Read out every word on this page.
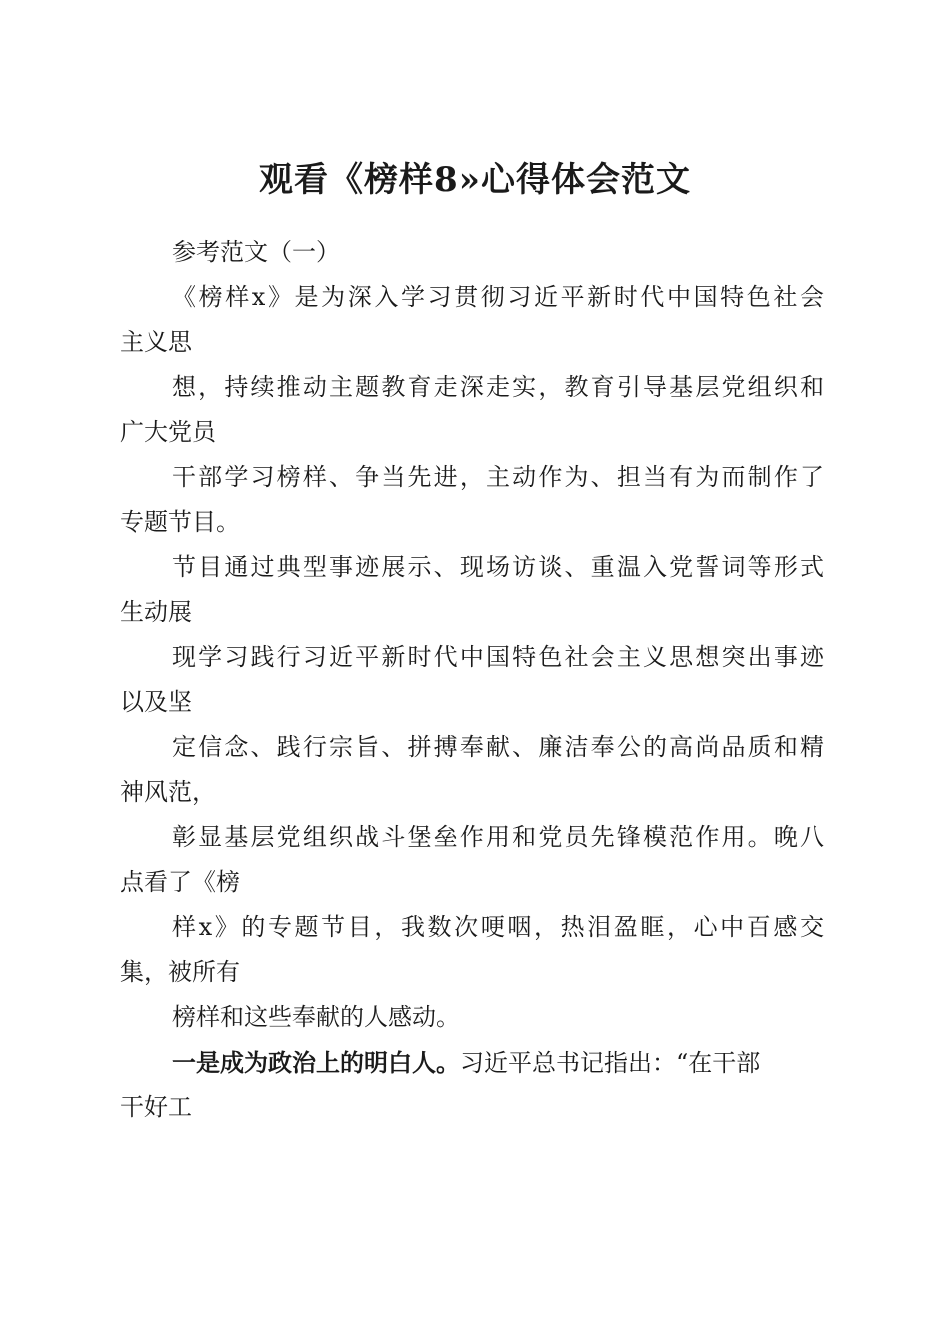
观看《榜样8»心得体会范文
参考范文（一）
《榜样x》是为深入学习贯彻习近平新时代中国特色社会
主义思
想，持续推动主题教育走深走实，教育引导基层党组织和
广大党员
干部学习榜样、争当先进，主动作为、担当有为而制作了
专题节目。
节目通过典型事迹展示、现场访谈、重温入党誓词等形式
生动展
现学习践行习近平新时代中国特色社会主义思想突出事迹
以及坚
定信念、践行宗旨、拼搏奉献、廉洁奉公的高尚品质和精
神风范，
彰显基层党组织战斗堡垒作用和党员先锋模范作用。晚八
点看了《榜
样x》的专题节目，我数次哽咽，热泪盈眶，心中百感交
集，被所有
榜样和这些奉献的人感动。
一是成为政治上的明白人。习近平总书记指出：“在干部
干好工
